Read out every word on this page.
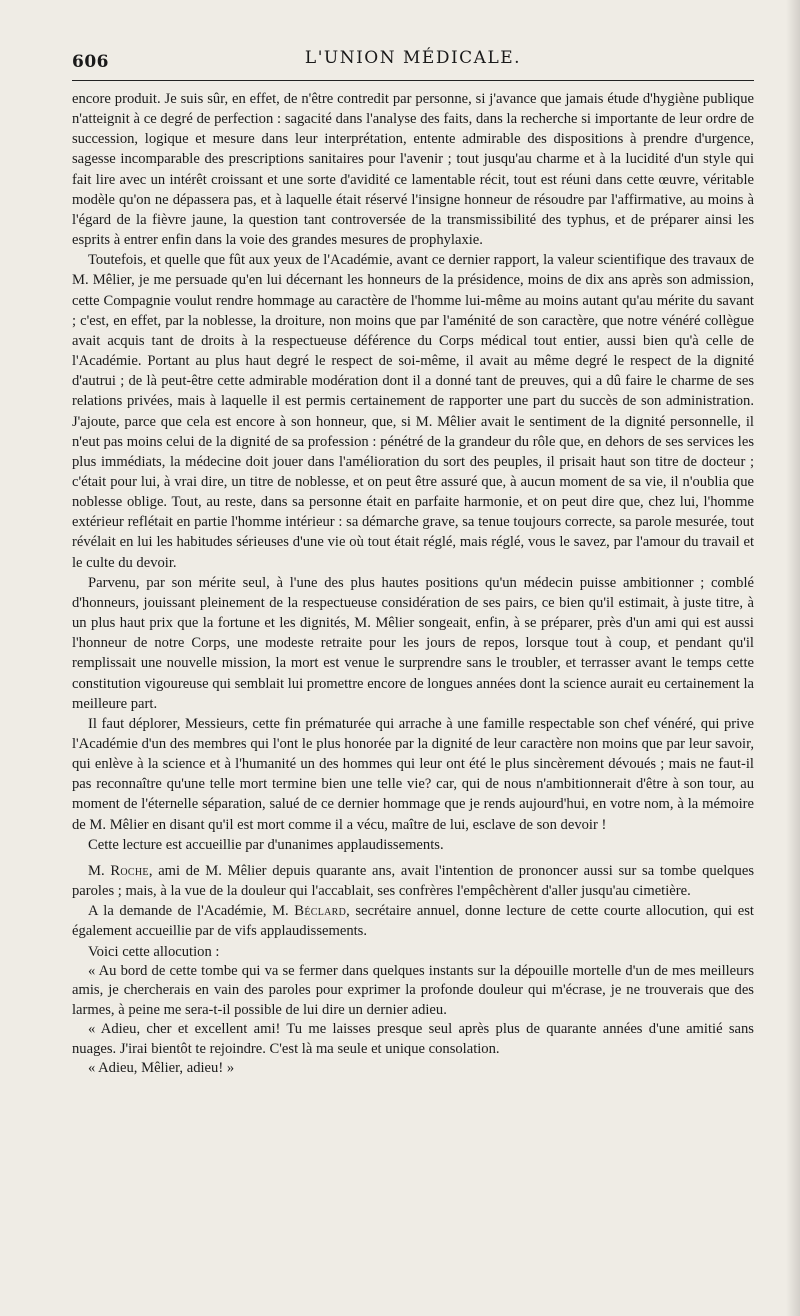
606	L'UNION MÉDICALE.

encore produit. Je suis sûr, en effet, de n'être contredit par personne, si j'avance que jamais étude d'hygiène publique n'atteignit à ce degré de perfection : sagacité dans l'analyse des faits, dans la recherche si importante de leur ordre de succession, logique et mesure dans leur interprétation, entente admirable des dispositions à prendre d'urgence, sagesse incomparable des prescriptions sanitaires pour l'avenir ; tout jusqu'au charme et à la lucidité d'un style qui fait lire avec un intérêt croissant et une sorte d'avidité ce lamentable récit, tout est réuni dans cette œuvre, véritable modèle qu'on ne dépassera pas, et à laquelle était réservé l'insigne honneur de résoudre par l'affirmative, au moins à l'égard de la fièvre jaune, la question tant controversée de la transmissibilité des typhus, et de préparer ainsi les esprits à entrer enfin dans la voie des grandes mesures de prophylaxie.

Toutefois, et quelle que fût aux yeux de l'Académie, avant ce dernier rapport, la valeur scientifique des travaux de M. Mêlier, je me persuade qu'en lui décernant les honneurs de la présidence, moins de dix ans après son admission, cette Compagnie voulut rendre hommage au caractère de l'homme lui-même au moins autant qu'au mérite du savant ; c'est, en effet, par la noblesse, la droiture, non moins que par l'aménité de son caractère, que notre vénéré collègue avait acquis tant de droits à la respectueuse déférence du Corps médical tout entier, aussi bien qu'à celle de l'Académie. Portant au plus haut degré le respect de soi-même, il avait au même degré le respect de la dignité d'autrui ; de là peut-être cette admirable modération dont il a donné tant de preuves, qui a dû faire le charme de ses relations privées, mais à laquelle il est permis certainement de rapporter une part du succès de son administration. J'ajoute, parce que cela est encore à son honneur, que, si M. Mêlier avait le sentiment de la dignité personnelle, il n'eut pas moins celui de la dignité de sa profession : pénétré de la grandeur du rôle que, en dehors de ses services les plus immédiats, la médecine doit jouer dans l'amélioration du sort des peuples, il prisait haut son titre de docteur ; c'était pour lui, à vrai dire, un titre de noblesse, et on peut être assuré que, à aucun moment de sa vie, il n'oublia que noblesse oblige. Tout, au reste, dans sa personne était en parfaite harmonie, et on peut dire que, chez lui, l'homme extérieur reflétait en partie l'homme intérieur : sa démarche grave, sa tenue toujours correcte, sa parole mesurée, tout révélait en lui les habitudes sérieuses d'une vie où tout était réglé, mais réglé, vous le savez, par l'amour du travail et le culte du devoir.

Parvenu, par son mérite seul, à l'une des plus hautes positions qu'un médecin puisse ambitionner ; comblé d'honneurs, jouissant pleinement de la respectueuse considération de ses pairs, ce bien qu'il estimait, à juste titre, à un plus haut prix que la fortune et les dignités, M. Mêlier songeait, enfin, à se préparer, près d'un ami qui est aussi l'honneur de notre Corps, une modeste retraite pour les jours de repos, lorsque tout à coup, et pendant qu'il remplissait une nouvelle mission, la mort est venue le surprendre sans le troubler, et terrasser avant le temps cette constitution vigoureuse qui semblait lui promettre encore de longues années dont la science aurait eu certainement la meilleure part.

Il faut déplorer, Messieurs, cette fin prématurée qui arrache à une famille respectable son chef vénéré, qui prive l'Académie d'un des membres qui l'ont le plus honorée par la dignité de leur caractère non moins que par leur savoir, qui enlève à la science et à l'humanité un des hommes qui leur ont été le plus sincèrement dévoués ; mais ne faut-il pas reconnaître qu'une telle mort termine bien une telle vie? car, qui de nous n'ambitionnerait d'être à son tour, au moment de l'éternelle séparation, salué de ce dernier hommage que je rends aujourd'hui, en votre nom, à la mémoire de M. Mêlier en disant qu'il est mort comme il a vécu, maître de lui, esclave de son devoir !

Cette lecture est accueillie par d'unanimes applaudissements.

M. Roche, ami de M. Mêlier depuis quarante ans, avait l'intention de prononcer aussi sur sa tombe quelques paroles ; mais, à la vue de la douleur qui l'accablait, ses confrères l'empêchèrent d'aller jusqu'au cimetière.

A la demande de l'Académie, M. Béclard, secrétaire annuel, donne lecture de cette courte allocution, qui est également accueillie par de vifs applaudissements.

Voici cette allocution :

« Au bord de cette tombe qui va se fermer dans quelques instants sur la dépouille mortelle d'un de mes meilleurs amis, je chercherais en vain des paroles pour exprimer la profonde douleur qui m'écrase, je ne trouverais que des larmes, à peine me sera-t-il possible de lui dire un dernier adieu.

« Adieu, cher et excellent ami! Tu me laisses presque seul après plus de quarante années d'une amitié sans nuages. J'irai bientôt te rejoindre. C'est là ma seule et unique consolation.

« Adieu, Mêlier, adieu! »
